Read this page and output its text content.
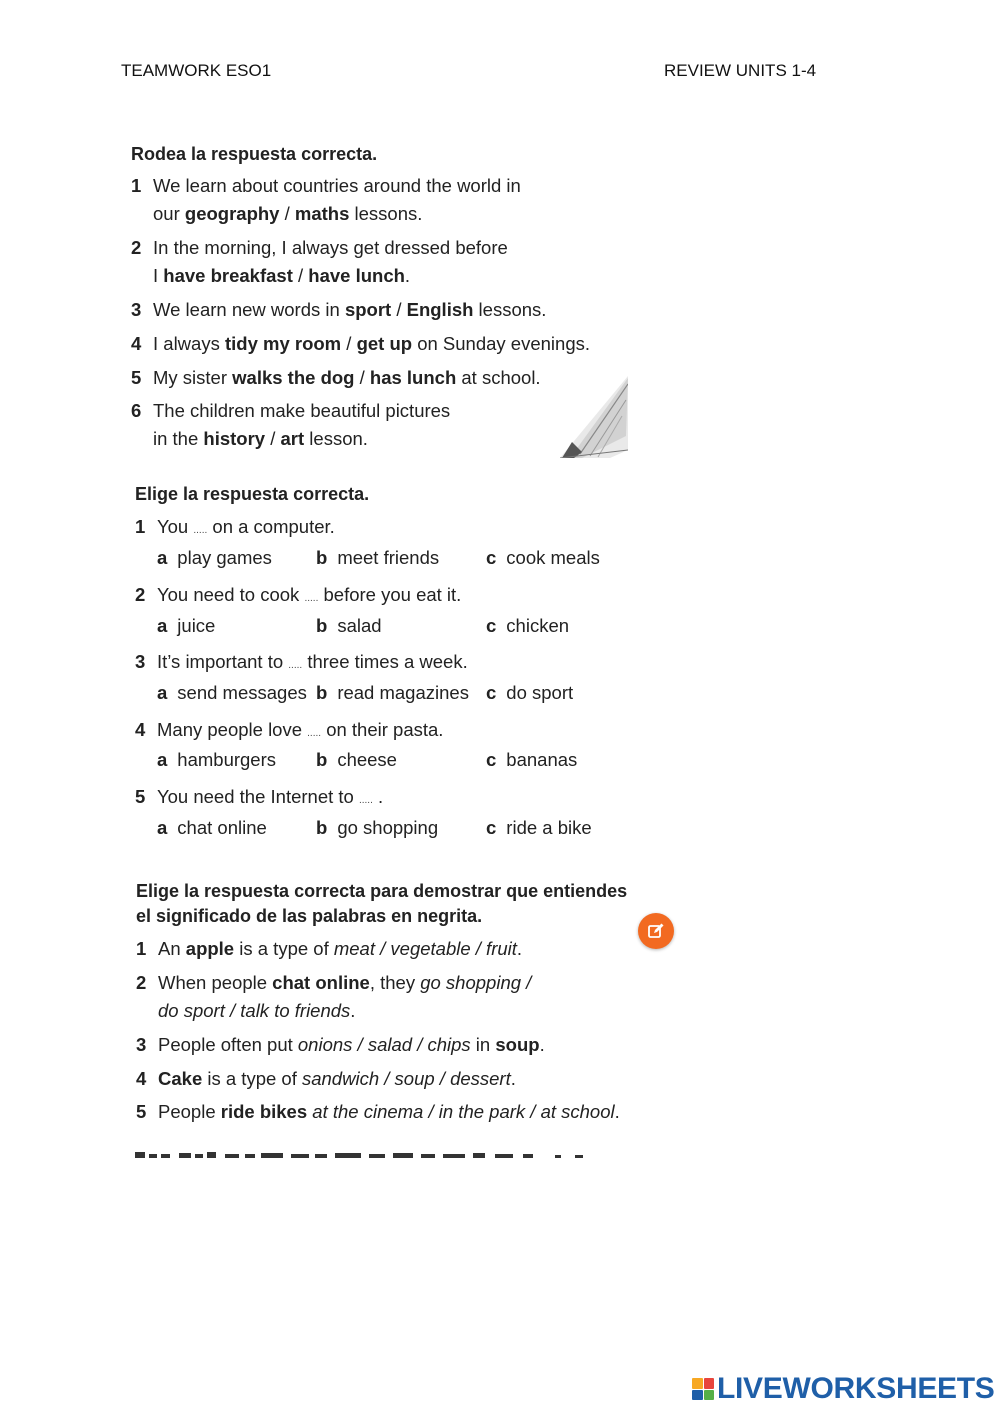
TEAMWORK ESO1	REVIEW UNITS 1-4
Rodea la respuesta correcta.
1 We learn about countries around the world in
our geography / maths lessons.
2 In the morning, I always get dressed before
I have breakfast / have lunch.
3 We learn new words in sport / English lessons.
4 I always tidy my room / get up on Sunday evenings.
5 My sister walks the dog / has lunch at school.
6 The children make beautiful pictures
in the history / art lesson.
Elige la respuesta correcta.
1 You ..... on a computer.
a play games b meet friends	c cook meals
2 You need to cook ..... before you eat it.
a juice	b salad	c chicken
3 It’s important to ..... three times a week.
a send messages b read magazines c do sport
4 Many people love ..... on their pasta.
a hamburgers b cheese	c bananas
5 You need the Internet to ..... .
a chat online	b go shopping	c ride a bike
Elige la respuesta correcta para demostrar que entiendes
el significado de las palabras en negrita.
1 An apple is a type of meat / vegetable / fruit.
2 When people chat online, they go shopping /
do sport / talk to friends.
3 People often put onions / salad / chips in soup.
4 Cake is a type of sandwich / soup / dessert.
5 People ride bikes at the cinema / in the park / at school.
LIVEWORKSHEETS
